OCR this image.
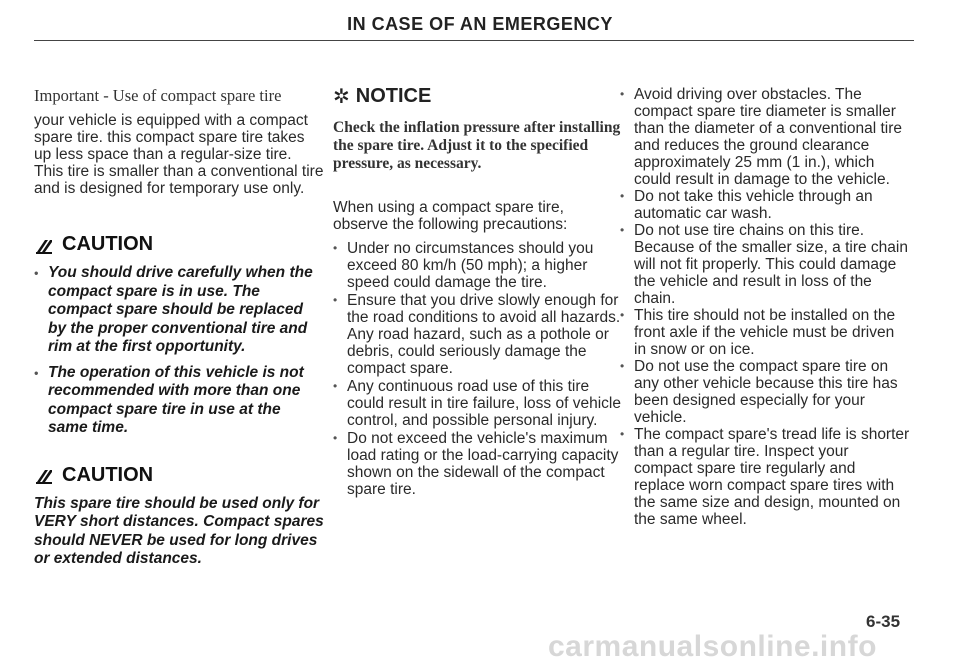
IN CASE OF AN EMERGENCY
Important - Use of compact spare tire

your vehicle is equipped with a compact spare tire. this compact spare tire takes up less space than a regular-size tire. This tire is smaller than a conventional tire and is designed for temporary use only.

CAUTION
• You should drive carefully when the compact spare is in use. The compact spare should be replaced by the proper conventional tire and rim at the first opportunity.
• The operation of this vehicle is not recommended with more than one compact spare tire in use at the same time.
CAUTION

This spare tire should be used only for VERY short distances. Compact spares should NEVER be used for long drives or extended distances.

✲ NOTICE

Check the inflation pressure after installing the spare tire. Adjust it to the specified pressure, as necessary.

When using a compact spare tire, observe the following precautions:

• Under no circumstances should you exceed 80 km/h (50 mph); a higher speed could damage the tire.
• Ensure that you drive slowly enough for the road conditions to avoid all hazards. Any road hazard, such as a pothole or debris, could seriously damage the compact spare.
• Any continuous road use of this tire could result in tire failure, loss of vehicle control, and possible personal injury.
• Do not exceed the vehicle's maximum load rating or the load-carrying capacity shown on the sidewall of the compact spare tire.
• Avoid driving over obstacles. The compact spare tire diameter is smaller than the diameter of a conventional tire and reduces the ground clearance approximately 25 mm (1 in.), which could result in damage to the vehicle.
• Do not take this vehicle through an automatic car wash.
• Do not use tire chains on this tire. Because of the smaller size, a tire chain will not fit properly. This could damage the vehicle and result in loss of the chain.
• This tire should not be installed on the front axle if the vehicle must be driven in snow or on ice.
• Do not use the compact spare tire on any other vehicle because this tire has been designed especially for your vehicle.
• The compact spare's tread life is shorter than a regular tire. Inspect your compact spare tire regularly and replace worn compact spare tires with the same size and design, mounted on the same wheel.
6-35
carmanualsonline.info
